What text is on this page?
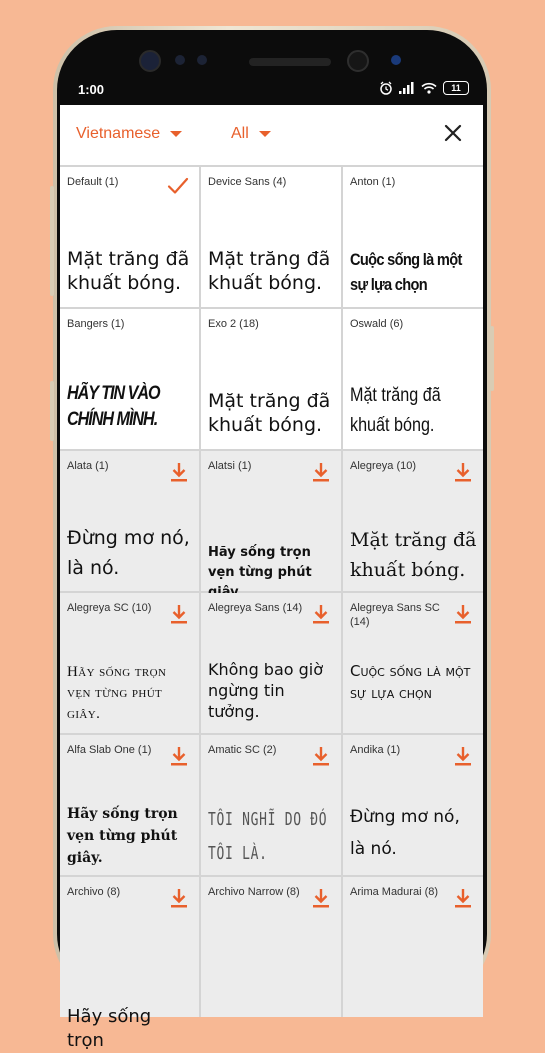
1:00	11
Vietnamese	All
Default (1)
Mặt trăng đã khuất bóng.
Device Sans (4)
Mặt trăng đã khuất bóng.
Anton (1)
Cuộc sống là một sự lựa chọn
Bangers (1)
HÃY TIN VÀO CHÍNH MÌNH.
Exo 2 (18)
Mặt trăng đã khuất bóng.
Oswald (6)
Mặt trăng đã khuất bóng.
Alata (1)
Đừng mơ nó, là nó.
Alatsi (1)
Hãy sống trọn vẹn từng phút
Alegreya (10)
Mặt trăng đã khuất bóng.
Alegreya SC (10)
Hãy sống trọn vẹn từng phút giây.
Alegreya Sans (14)
Không bao giờ ngừng tin tưởng.
Alegreya Sans SC (14)
Cuộc sống là một sự lựa chọn
Alfa Slab One (1)
Hãy sống trọn vẹn từng phút giây.
Amatic SC (2)
TÔI NGHĨ DO ĐÓ TÔI LÀ.
Andika (1)
Đừng mơ nó, là nó.
Archivo (8)
Hãy sống trọn
Archivo Narrow (8)	Arima Madurai (8)
